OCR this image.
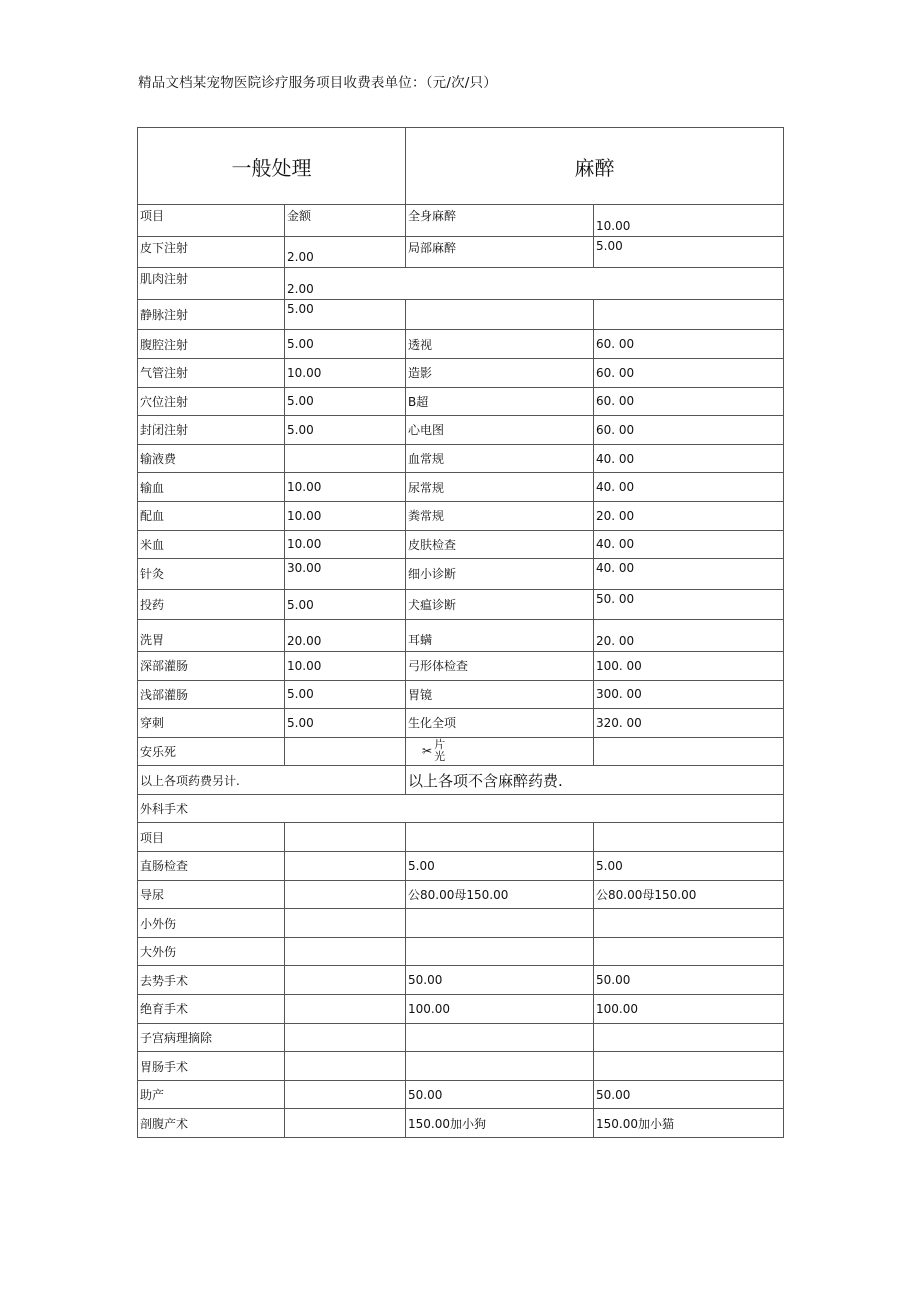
精品文档某宠物医院诊疗服务项目收费表单位：（元/次/只）
一般处理		麻醉	
项目	金额	全身麻醉	10.00
皮下注射	2.00	局部麻醉	5.00
肌肉注射	2.00		
静脉注射	5.00		
腹腔注射	5.00	透视	60. 00
气管注射	10.00	造影	60. 00
穴位注射	5.00	B超	60. 00
封闭注射	5.00	心电图	60. 00
输液费		血常规	40. 00
输血	10.00	尿常规	40. 00
配血	10.00	粪常规	20. 00
米血	10.00	皮肤检查	40. 00
针灸	30.00	细小诊断	40. 00
投药	5.00	犬瘟诊断	50. 00
洗胃	20.00	耳螨	20. 00
深部灌肠	10.00	弓形体检查	100. 00
浅部灌肠	5.00	胃镜	300. 00
穿刺	5.00	生化全项	320. 00
安乐死		✂ 片
光	

以上各项药费另计.		以上各项不含麻醉药费.	
外科手术			
项目			
直肠检查		5.00	5.00
导尿		公80.00母150.00	公80.00母150.00
小外伤			
大外伤			
去势手术		50.00	50.00
绝育手术		100.00	100.00
子宫病理摘除			
胃肠手术			
助产		50.00	50.00
剖腹产术		150.00加小狗	150.00加小猫
